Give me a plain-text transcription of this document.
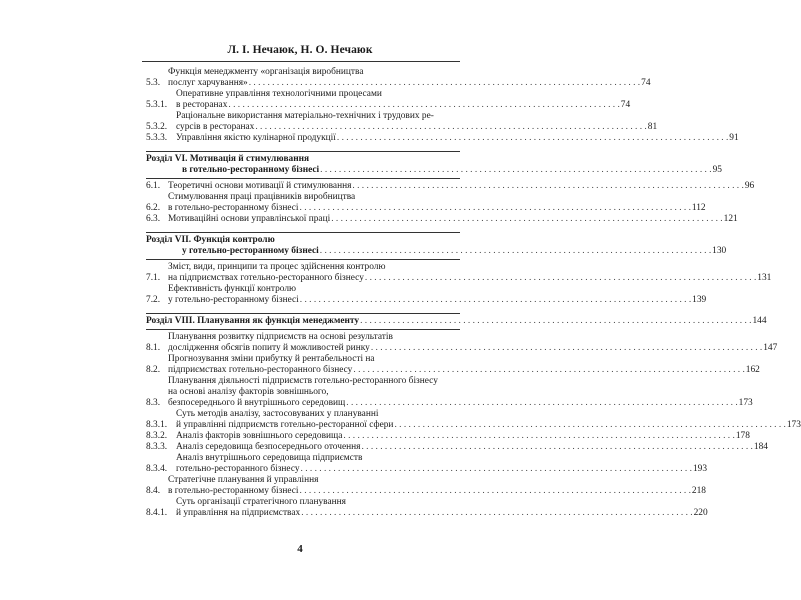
Л. І. Нечаюк, Н. О. Нечаюк
5.3.
Функція менеджменту «організація виробництва
послуг харчування» . . . . . . . . . . . . . . . . . . . . . . . . . . . . . . . . . . . . . . . . . . . . . . . . . . . . . . . . . . . . . . . . . . . . . . . . . . . . . . . . . . . . 74
5.3.1.
Оперативне управління технологічними процесами
в ресторанах . . . . . . . . . . . . . . . . . . . . . . . . . . . . . . . . . . . . . . . . . . . . . . . . . . . . . . . . . . . . . . . . . . . . . . . . . . . . . . . . . . . . 74
5.3.2.
Раціональне використання матеріально-технічних і трудових ре-
сурсів в ресторанах . . . . . . . . . . . . . . . . . . . . . . . . . . . . . . . . . . . . . . . . . . . . . . . . . . . . . . . . . . . . . . . . . . . . . . . . . . . . . . . . . . . . 81
5.3.3. Управління якістю кулінарної продукції . . . . . . . . . . . . . . . . . . . . . . . . . . . . . . . . . . . . . . . . . . . . . . . . . . . . . . . . . . . . . . . . . . . . . . . . . . . . . . . . . . . . 91
Розділ VI. Мотивація й стимулювання
в готельно-ресторанному бізнесі . . . . . . . . . . . . . . . . . . . . . . . . . . . . . . . . . . . . . . . . . . . . . . . . . . . . . . . . . . . . . . . . . . . . . . . . . . . . . . . . . . . . 95
6.1. Теоретичні основи мотивації й стимулювання . . . . . . . . . . . . . . . . . . . . . . . . . . . . . . . . . . . . . . . . . . . . . . . . . . . . . . . . . . . . . . . . . . . . . . . . . . . . . . . . . . . . 96
6.2.
Стимулювання праці працівників виробництва
в готельно-ресторанному бізнесі . . . . . . . . . . . . . . . . . . . . . . . . . . . . . . . . . . . . . . . . . . . . . . . . . . . . . . . . . . . . . . . . . . . . . . . . . . . . . . . . . . . . 112
6.3. Мотиваційні основи управлінської праці . . . . . . . . . . . . . . . . . . . . . . . . . . . . . . . . . . . . . . . . . . . . . . . . . . . . . . . . . . . . . . . . . . . . . . . . . . . . . . . . . . . . 121
Розділ VII. Функція контролю
у готельно-ресторанному бізнесі . . . . . . . . . . . . . . . . . . . . . . . . . . . . . . . . . . . . . . . . . . . . . . . . . . . . . . . . . . . . . . . . . . . . . . . . . . . . . . . . . . . . 130
7.1.
Зміст, види, принципи та процес здійснення контролю
на підприємствах готельно-ресторанного бізнесу . . . . . . . . . . . . . . . . . . . . . . . . . . . . . . . . . . . . . . . . . . . . . . . . . . . . . . . . . . . . . . . . . . . . . . . . . . . . . . . . . . . . 131
7.2.
Ефективність функції контролю
у готельно-ресторанному бізнесі . . . . . . . . . . . . . . . . . . . . . . . . . . . . . . . . . . . . . . . . . . . . . . . . . . . . . . . . . . . . . . . . . . . . . . . . . . . . . . . . . . . . 139
Розділ VIII. Планування як функція менеджменту . . . . . . . . . . . . . . . . . . . . . . . . . . . . . . . . . . . . . . . . . . . . . . . . . . . . . . . . . . . . . . . . . . . . . . . . . . . . . . . . . . . . 144
8.1.
Планування розвитку підприємств на основі результатів
дослідження обсягів попиту й можливостей ринку . . . . . . . . . . . . . . . . . . . . . . . . . . . . . . . . . . . . . . . . . . . . . . . . . . . . . . . . . . . . . . . . . . . . . . . . . . . . . . . . . . . . 147
8.2.
Прогнозування зміни прибутку й рентабельності на
підприємствах готельно-ресторанного бізнесу . . . . . . . . . . . . . . . . . . . . . . . . . . . . . . . . . . . . . . . . . . . . . . . . . . . . . . . . . . . . . . . . . . . . . . . . . . . . . . . . . . . . 162
8.3.
Планування діяльності підприємств готельно-ресторанного бізнесу
на основі аналізу факторів зовнішнього,
безпосереднього й внутрішнього середовищ . . . . . . . . . . . . . . . . . . . . . . . . . . . . . . . . . . . . . . . . . . . . . . . . . . . . . . . . . . . . . . . . . . . . . . . . . . . . . . . . . . . . 173
8.3.1.
Суть методів аналізу, застосовуваних у плануванні
й управлінні підприємств готельно-ресторанної сфери . . . . . . . . . . . . . . . . . . . . . . . . . . . . . . . . . . . . . . . . . . . . . . . . . . . . . . . . . . . . . . . . . . . . . . . . . . . . . . . . . . . . 173
8.3.2. Аналіз факторів зовнішнього середовища . . . . . . . . . . . . . . . . . . . . . . . . . . . . . . . . . . . . . . . . . . . . . . . . . . . . . . . . . . . . . . . . . . . . . . . . . . . . . . . . . . . . 178
8.3.3. Аналіз середовища безпосереднього оточення . . . . . . . . . . . . . . . . . . . . . . . . . . . . . . . . . . . . . . . . . . . . . . . . . . . . . . . . . . . . . . . . . . . . . . . . . . . . . . . . . . . . 184
8.3.4.
Аналіз внутрішнього середовища підприємств
готельно-ресторанного бізнесу . . . . . . . . . . . . . . . . . . . . . . . . . . . . . . . . . . . . . . . . . . . . . . . . . . . . . . . . . . . . . . . . . . . . . . . . . . . . . . . . . . . . 193
8.4.
Стратегічне планування й управління
в готельно-ресторанному бізнесі . . . . . . . . . . . . . . . . . . . . . . . . . . . . . . . . . . . . . . . . . . . . . . . . . . . . . . . . . . . . . . . . . . . . . . . . . . . . . . . . . . . . 218
8.4.1.
Суть організації стратегічного планування
й управління на підприємствах . . . . . . . . . . . . . . . . . . . . . . . . . . . . . . . . . . . . . . . . . . . . . . . . . . . . . . . . . . . . . . . . . . . . . . . . . . . . . . . . . . . . 220
4
